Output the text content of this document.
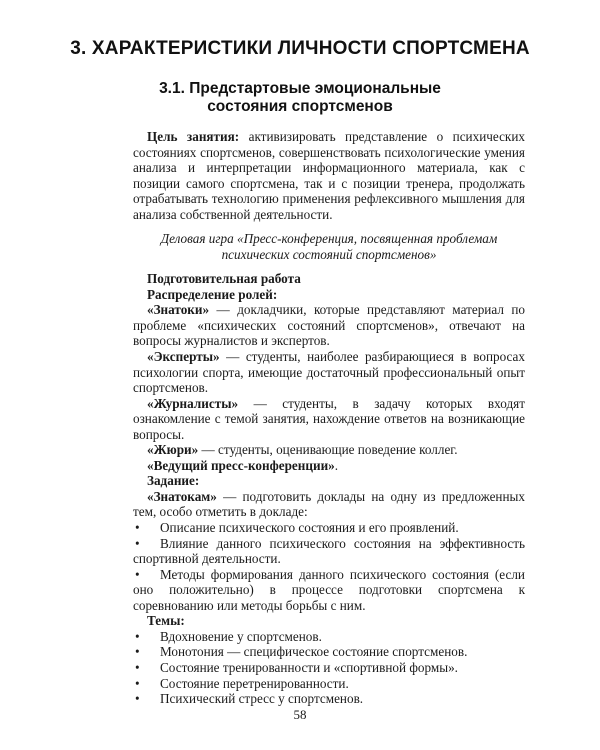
3. ХАРАКТЕРИСТИКИ ЛИЧНОСТИ СПОРТСМЕНА
3.1. Предстартовые эмоциональные
состояния спортсменов

Цель занятия: активизировать представление о психических состояниях спортсменов, совершенствовать психологические умения анализа и интерпретации информационного материала, как с позиции самого спортсмена, так и с позиции тренера, продолжать отрабатывать технологию применения рефлексивного мышления для анализа собственной деятельности.

Деловая игра «Пресс-конференция, посвященная проблемам
психических состояний спортсменов»

Подготовительная работа

Распределение ролей:

«Знатоки» — докладчики, которые представляют материал по проблеме «психических состояний спортсменов», отвечают на вопросы журналистов и экспертов.

«Эксперты» — студенты, наиболее разбирающиеся в вопросах психологии спорта, имеющие достаточный профессиональный опыт спортсменов.

«Журналисты» — студенты, в задачу которых входят ознакомление с темой занятия, нахождение ответов на возникающие вопросы.

«Жюри» — студенты, оценивающие поведение коллег.

«Ведущий пресс-конференции».

Задание:

«Знатокам» — подготовить доклады на одну из предложенных тем, особо отметить в докладе:

•	Описание психического состояния и его проявлений.
•	Влияние данного психического состояния на эффективность спортивной деятельности.
•	Методы формирования данного психического состояния (если оно положительно) в процессе подготовки спортсмена к соревнованию или методы борьбы с ним.

Темы:

•	Вдохновение у спортсменов.
•	Монотония — специфическое состояние спортсменов.
•	Состояние тренированности и «спортивной формы».
•	Состояние перетренированности.
•	Психический стресс у спортсменов.
58
